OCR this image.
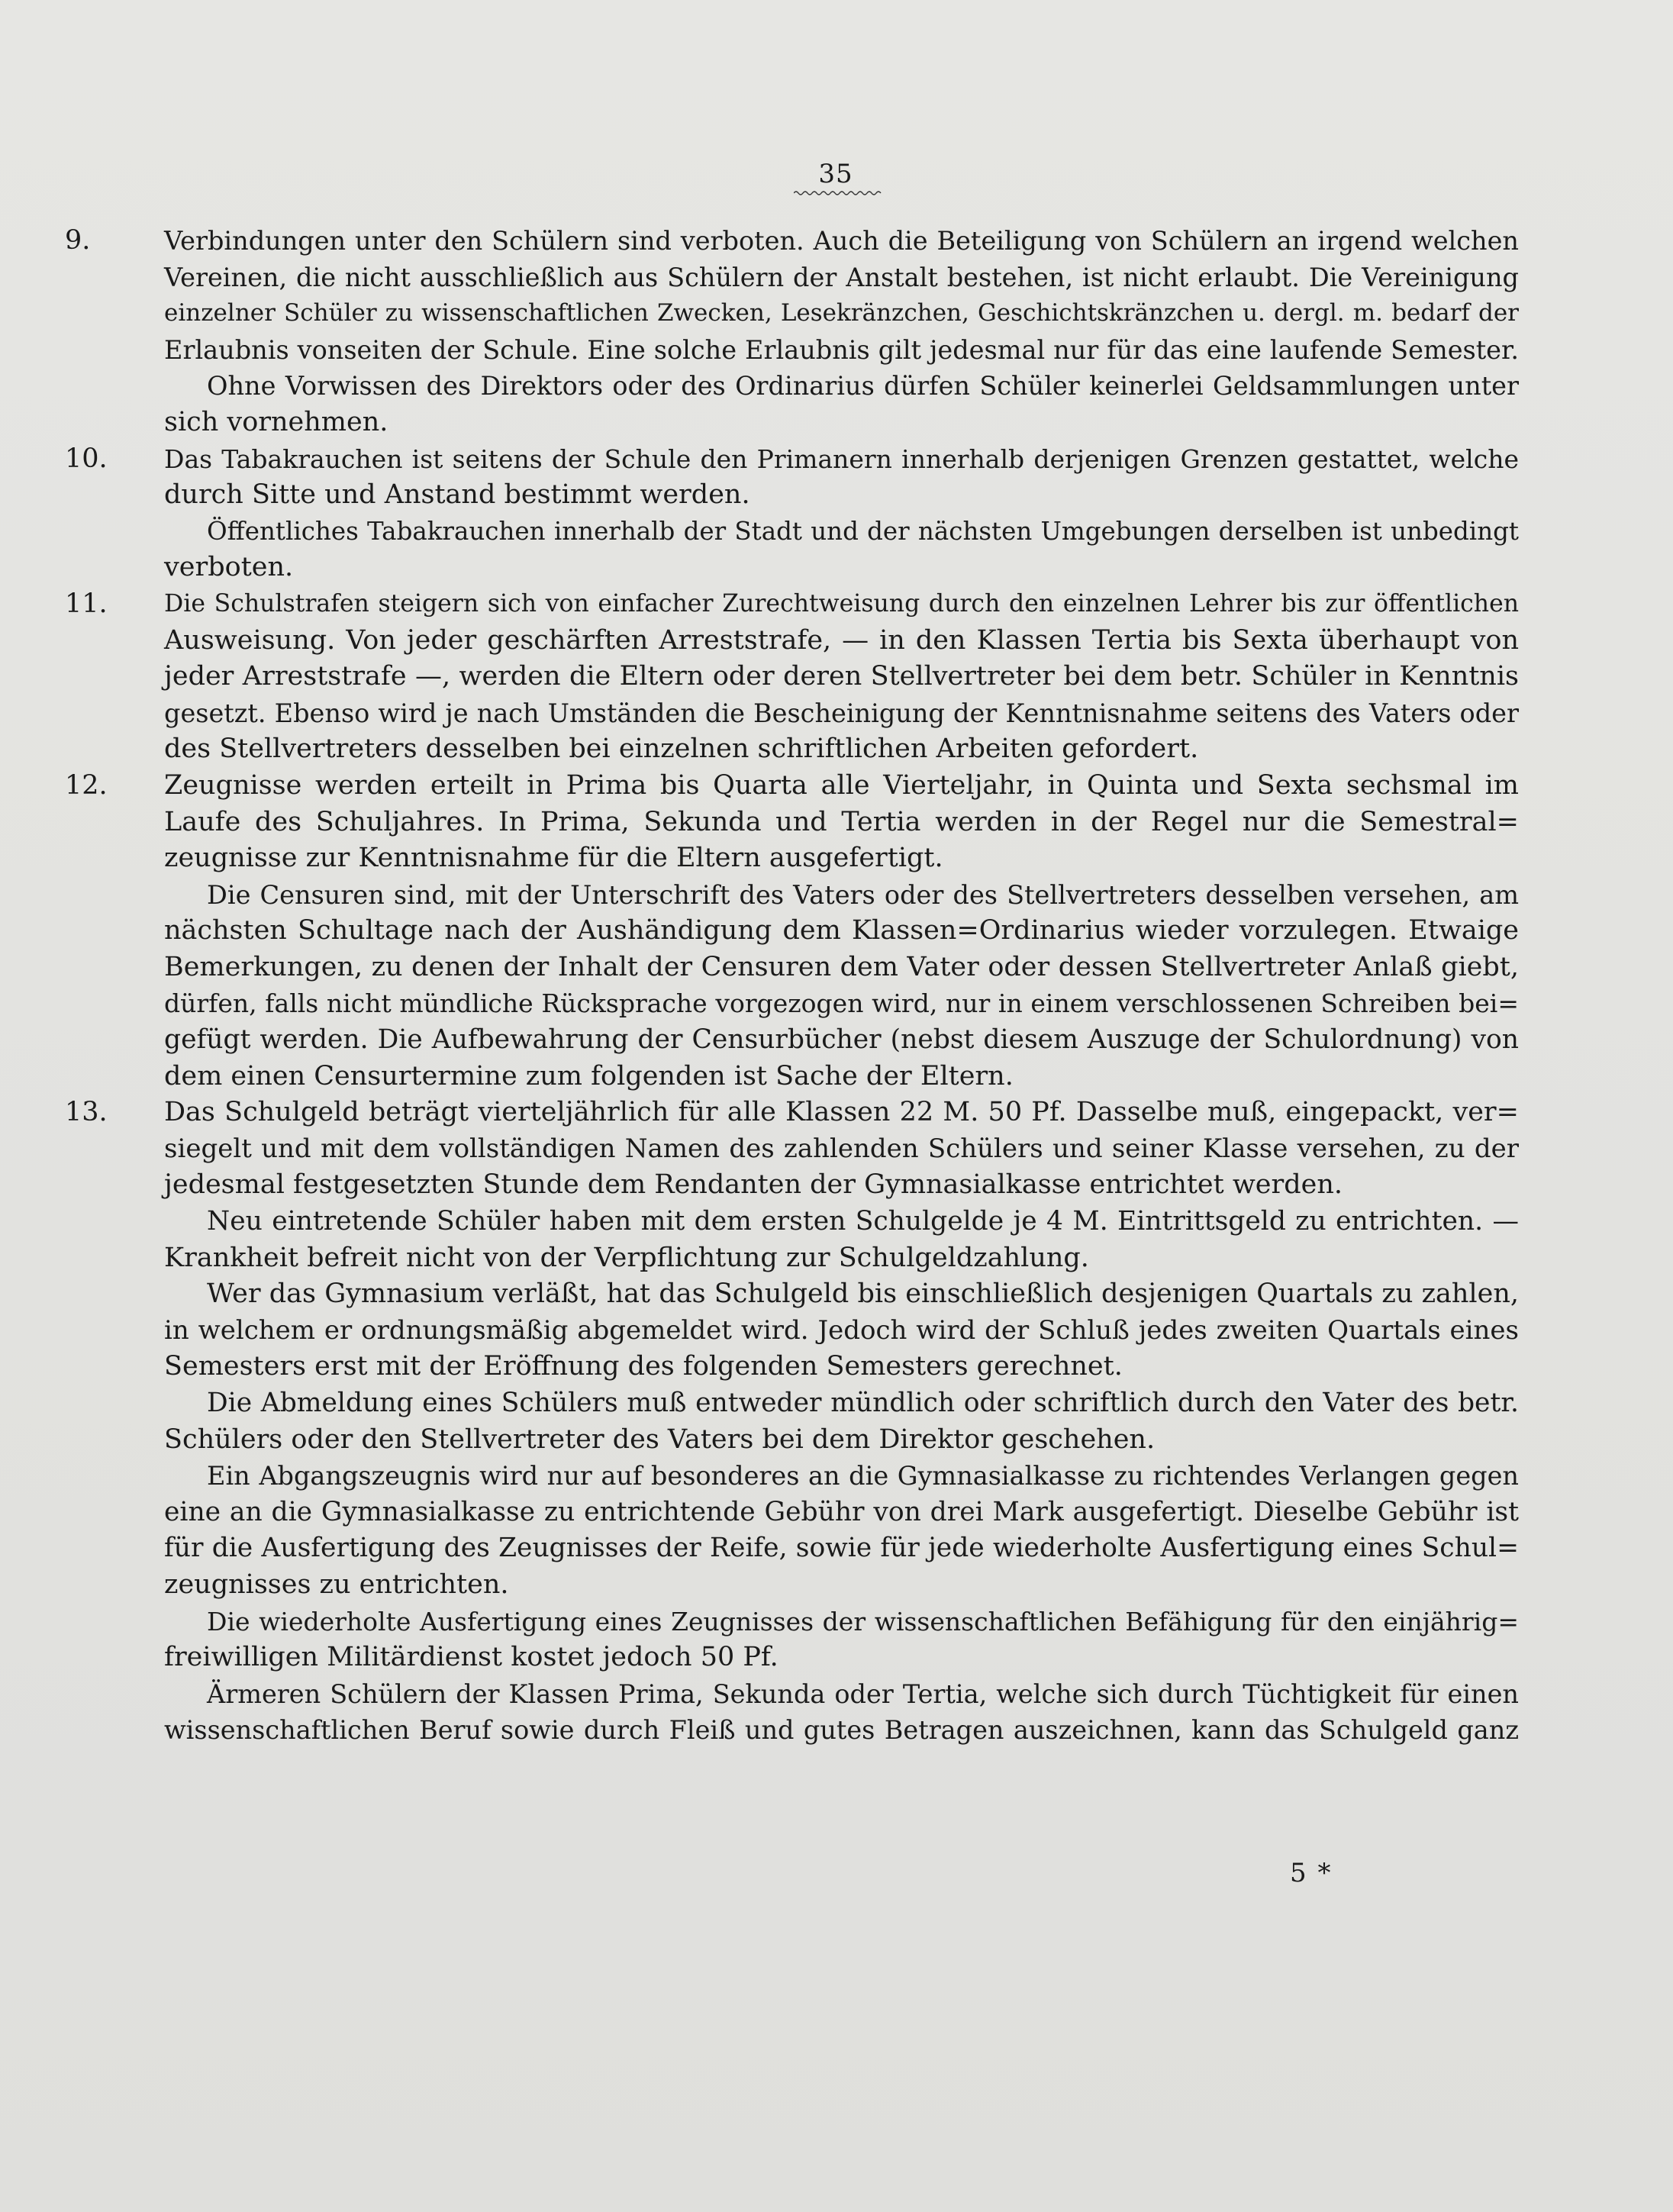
35
9.	Verbindungen unter den Schülern sind verboten. Auch die Beteiligung von Schülern an irgend welchen
Vereinen, die nicht ausschließlich aus Schülern der Anstalt bestehen, ist nicht erlaubt. Die Vereinigung
einzelner Schüler zu wissenschaftlichen Zwecken, Lesekränzchen, Geschichtskränzchen u. dergl. m. bedarf der
Erlaubnis vonseiten der Schule. Eine solche Erlaubnis gilt jedesmal nur für das eine laufende Semester.
Ohne Vorwissen des Direktors oder des Ordinarius dürfen Schüler keinerlei Geldsammlungen unter
sich vornehmen.
10.	Das Tabakrauchen ist seitens der Schule den Primanern innerhalb derjenigen Grenzen gestattet, welche
durch Sitte und Anstand bestimmt werden.
Öffentliches Tabakrauchen innerhalb der Stadt und der nächsten Umgebungen derselben ist unbedingt
verboten.
11.	Die Schulstrafen steigern sich von einfacher Zurechtweisung durch den einzelnen Lehrer bis zur öffentlichen
Ausweisung. Von jeder geschärften Arreststrafe, — in den Klassen Tertia bis Sexta überhaupt von
jeder Arreststrafe —, werden die Eltern oder deren Stellvertreter bei dem betr. Schüler in Kenntnis
gesetzt. Ebenso wird je nach Umständen die Bescheinigung der Kenntnisnahme seitens des Vaters oder
des Stellvertreters desselben bei einzelnen schriftlichen Arbeiten gefordert.
12.	Zeugnisse werden erteilt in Prima bis Quarta alle Vierteljahr, in Quinta und Sexta sechsmal im
Laufe des Schuljahres. In Prima, Sekunda und Tertia werden in der Regel nur die Semestral=
zeugnisse zur Kenntnisnahme für die Eltern ausgefertigt.
Die Censuren sind, mit der Unterschrift des Vaters oder des Stellvertreters desselben versehen, am
nächsten Schultage nach der Aushändigung dem Klassen=Ordinarius wieder vorzulegen. Etwaige
Bemerkungen, zu denen der Inhalt der Censuren dem Vater oder dessen Stellvertreter Anlaß giebt,
dürfen, falls nicht mündliche Rücksprache vorgezogen wird, nur in einem verschlossenen Schreiben bei=
gefügt werden. Die Aufbewahrung der Censurbücher (nebst diesem Auszuge der Schulordnung) von
dem einen Censurtermine zum folgenden ist Sache der Eltern.
13.	Das Schulgeld beträgt vierteljährlich für alle Klassen 22 M. 50 Pf. Dasselbe muß, eingepackt, ver=
siegelt und mit dem vollständigen Namen des zahlenden Schülers und seiner Klasse versehen, zu der
jedesmal festgesetzten Stunde dem Rendanten der Gymnasialkasse entrichtet werden.
Neu eintretende Schüler haben mit dem ersten Schulgelde je 4 M. Eintrittsgeld zu entrichten. —
Krankheit befreit nicht von der Verpflichtung zur Schulgeldzahlung.
Wer das Gymnasium verläßt, hat das Schulgeld bis einschließlich desjenigen Quartals zu zahlen,
in welchem er ordnungsmäßig abgemeldet wird. Jedoch wird der Schluß jedes zweiten Quartals eines
Semesters erst mit der Eröffnung des folgenden Semesters gerechnet.
Die Abmeldung eines Schülers muß entweder mündlich oder schriftlich durch den Vater des betr.
Schülers oder den Stellvertreter des Vaters bei dem Direktor geschehen.
Ein Abgangszeugnis wird nur auf besonderes an die Gymnasialkasse zu richtendes Verlangen gegen
eine an die Gymnasialkasse zu entrichtende Gebühr von drei Mark ausgefertigt. Dieselbe Gebühr ist
für die Ausfertigung des Zeugnisses der Reife, sowie für jede wiederholte Ausfertigung eines Schul=
zeugnisses zu entrichten.
Die wiederholte Ausfertigung eines Zeugnisses der wissenschaftlichen Befähigung für den einjährig=
freiwilligen Militärdienst kostet jedoch 50 Pf.
Ärmeren Schülern der Klassen Prima, Sekunda oder Tertia, welche sich durch Tüchtigkeit für einen
wissenschaftlichen Beruf sowie durch Fleiß und gutes Betragen auszeichnen, kann das Schulgeld ganz
5 *
